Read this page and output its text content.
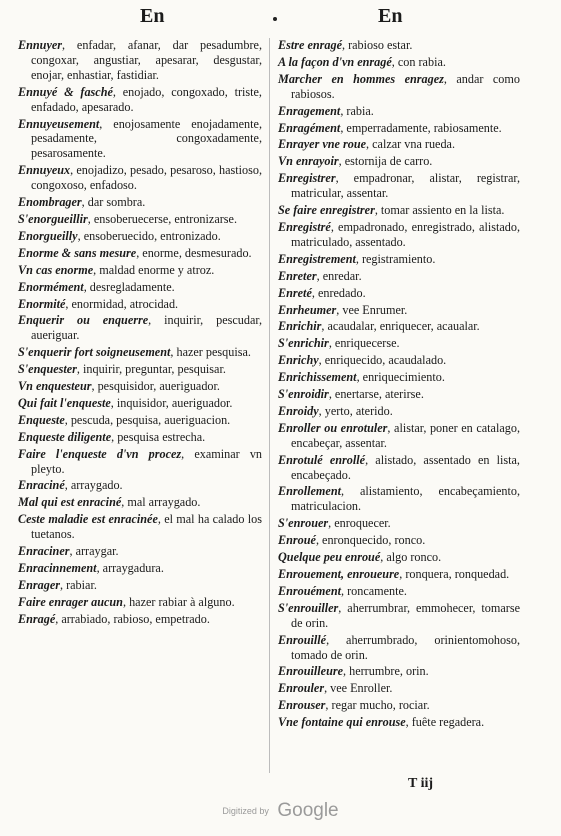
En	En
Ennuyer, enfadar, afanar, dar pesadumbre, congoxar, angustiar, apesarar, desgustar, enojar, enhastiar, fastidiar.
Ennuyé & fasché, enojado, congoxado, triste, enfadado, apesarado.
Ennuyeusement, enojosamente enojadamente, pesadamente, congoxadamente, pesarosamente.
Ennuyeux, enojadizo, pesado, pesaroso, hastioso, congoxoso, enfadoso.
Enombrager, dar sombra.
S'enorgueillir, ensoberuecerse, entronizarse.
Enorgueilly, ensoberuecido, entronizado.
Enorme & sans mesure, enorme, desmesurado.
Vn cas enorme, maldad enorme y atroz.
Enormément, desregladamente.
Enormité, enormidad, atrocidad.
Enquerir ou enquerre, inquirir, pescudar, aueriguar.
S'enquerir fort soigneusement, hazer pesquisa.
S'enquester, inquirir, preguntar, pesquisar.
Vn enquesteur, pesquisidor, aueriguador.
Qui fait l'enqueste, inquisidor, aueriguador.
Enqueste, pescuda, pesquisa, aueriguacion.
Enqueste diligente, pesquisa estrecha.
Faire l'enqueste d'vn procez, examinar vn pleyto.
Enraciné, arraygado.
Mal qui est enraciné, mal arraygado.
Ceste maladie est enracinée, el mal ha calado los tuetanos.
Enraciner, arraygar.
Enracinnement, arraygadura.
Enrager, rabiar.
Faire enrager aucun, hazer rabiar à alguno.
Enragé, arrabiado, rabioso, empetrado.
Estre enragé, rabioso estar.
A la façon d'vn enragé, con rabia.
Marcher en hommes enragez, andar como rabiosos.
Enragement, rabia.
Enragément, emperradamente, rabiosamente.
Enrayer vne roue, calzar vna rueda.
Vn enrayoir, estornija de carro.
Enregistrer, empadronar, alistar, registrar, matricular, assentar.
Se faire enregistrer, tomar assiento en la lista.
Enregistré, empadronado, enregistrado, alistado, matriculado, assentado.
Enregistrement, registramiento.
Enreter, enredar.
Enreté, enredado.
Enrheumer, vee Enrumer.
Enrichir, acaudalar, enriquecer, acaualar.
S'enrichir, enriquecerse.
Enrichy, enriquecido, acaudalado.
Enrichissement, enriquecimiento.
S'enroidir, enertarse, aterirse.
Enroidy, yerto, aterido.
Enroller ou enrotuler, alistar, poner en catalago, encabeçar, assentar.
Enrotulé enrollé, alistado, assentado en lista, encabeçado.
Enrollement, alistamiento, encabeçamiento, matriculacion.
S'enrouer, enroquecer.
Enroué, enronquecido, ronco.
Quelque peu enroué, algo ronco.
Enrouement, enroueure, ronquera, ronquedad.
Enrouément, roncamente.
S'enrouiller, aherrumbrar, emmohecer, tomarse de orin.
Enrouillé, aherrumbrado, orinientomohoso, tomado de orin.
Enrouilleure, herrumbre, orin.
Enrouler, vee Enroller.
Enrouser, regar mucho, rociar.
Vne fontaine qui enrouse, fuête regadera.
T iij
Digitized by Google
